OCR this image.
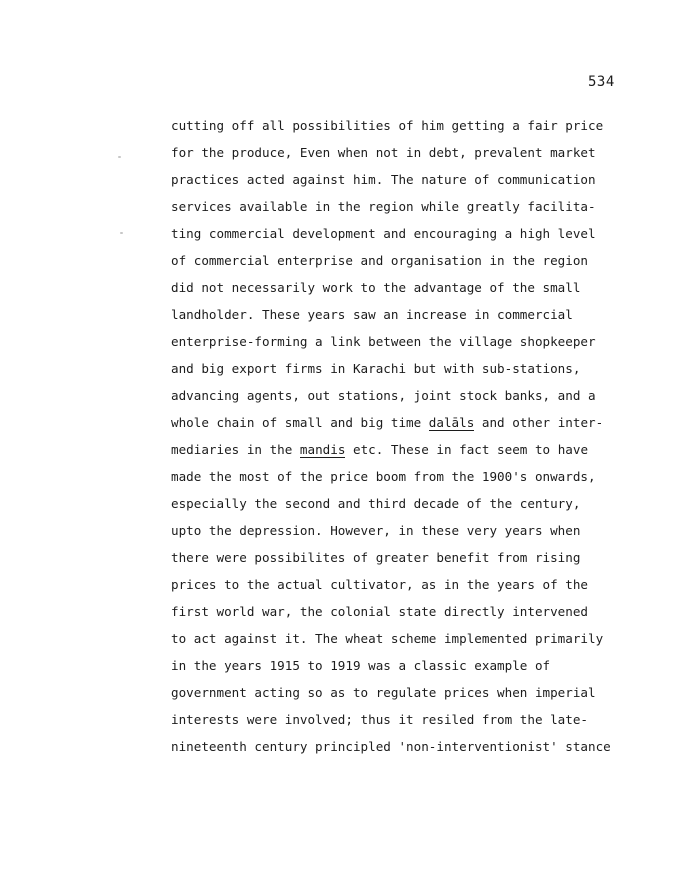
534
cutting off all possibilities of him getting a fair price
for the produce, Even when not in debt, prevalent market
practices acted against him. The nature of communication
services available in the region while greatly facilita-
ting commercial development and encouraging a high level
of commercial enterprise and organisation in the region
did not necessarily work to the advantage of the small
landholder. These years saw an increase in commercial
enterprise-forming a link between the village shopkeeper
and big export firms in Karachi but with sub-stations,
advancing agents, out stations, joint stock banks, and a
whole chain of small and big time dalāls and other inter-
mediaries in the mandis etc. These in fact seem to have
made the most of the price boom from the 1900's onwards,
especially the second and third decade of the century,
upto the depression. However, in these very years when
there were possibilites of greater benefit from rising
prices to the actual cultivator, as in the years of the
first world war, the colonial state directly intervened
to act against it. The wheat scheme implemented primarily
in the years 1915 to 1919 was a classic example of
government acting so as to regulate prices when imperial
interests were involved; thus it resiled from the late-
nineteenth century principled 'non-interventionist' stance
